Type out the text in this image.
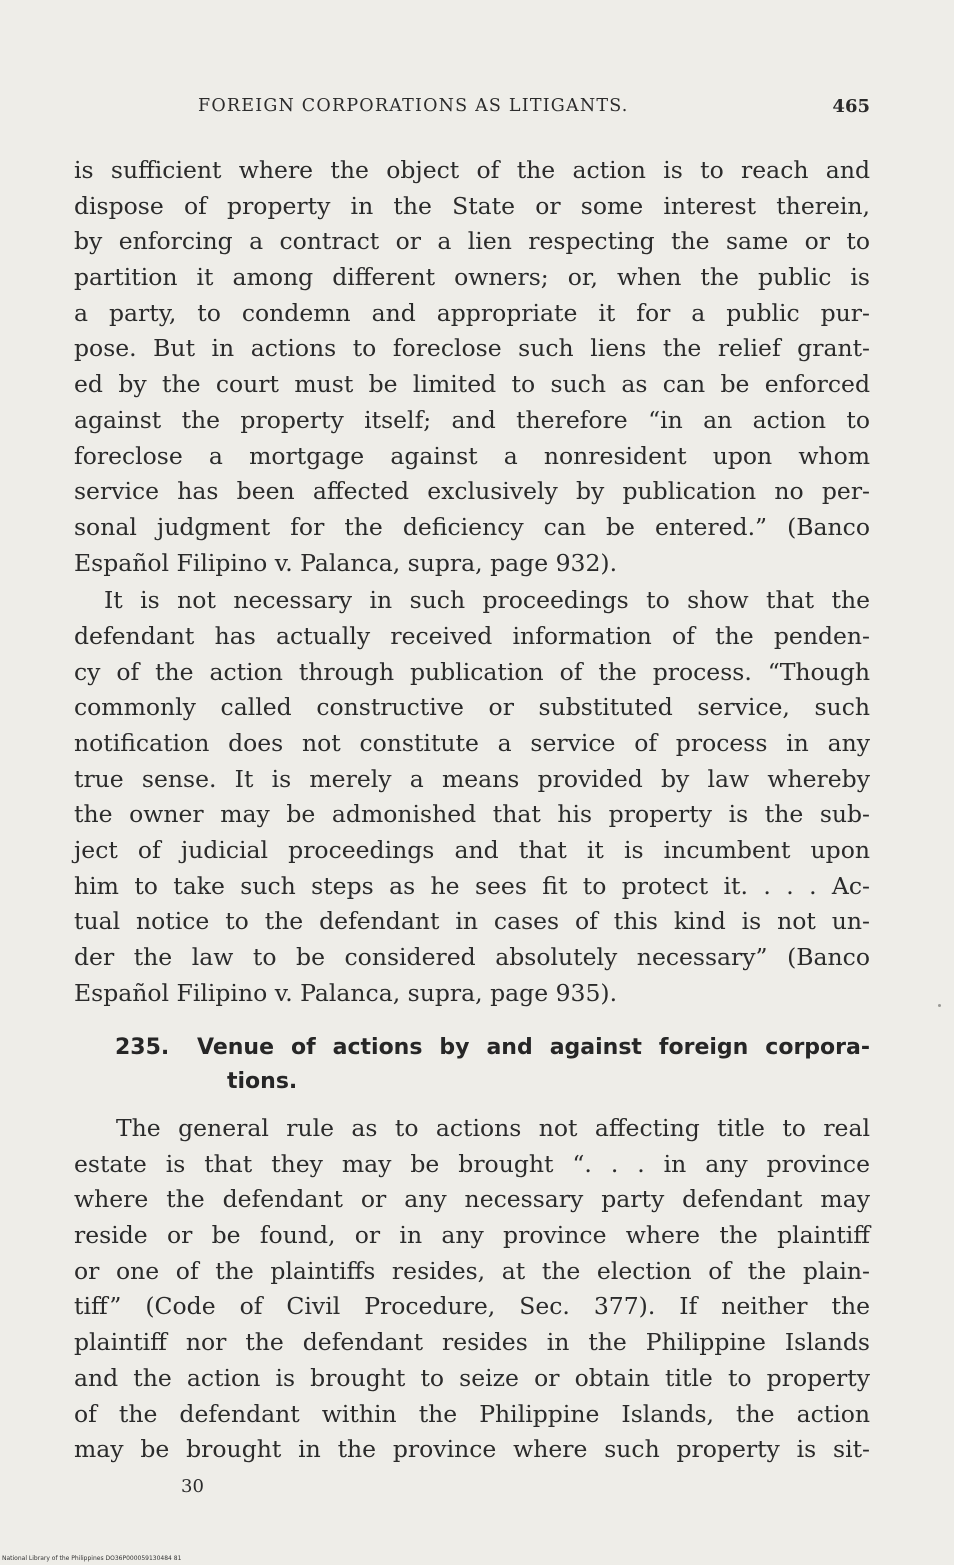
FOREIGN CORPORATIONS AS LITIGANTS.	465
is sufficient where the object of the action is to reach and
dispose of property in the State or some interest therein,
by enforcing a contract or a lien respecting the same or to
partition it among different owners; or, when the public is
a party, to condemn and appropriate it for a public pur-
pose. But in actions to foreclose such liens the relief grant-
ed by the court must be limited to such as can be enforced
against the property itself; and therefore “in an action to
foreclose a mortgage against a nonresident upon whom
service has been affected exclusively by publication no per-
sonal judgment for the deficiency can be entered.” (Banco
Español Filipino v. Palanca, supra, page 932).
It is not necessary in such proceedings to show that the
defendant has actually received information of the penden-
cy of the action through publication of the process. “Though
commonly called constructive or substituted service, such
notification does not constitute a service of process in any
true sense. It is merely a means provided by law whereby
the owner may be admonished that his property is the sub-
ject of judicial proceedings and that it is incumbent upon
him to take such steps as he sees fit to protect it. . . . Ac-
tual notice to the defendant in cases of this kind is not un-
der the law to be considered absolutely necessary” (Banco
Español Filipino v. Palanca, supra, page 935).
235. Venue of actions by and against foreign corpora-
tions.
The general rule as to actions not affecting title to real
estate is that they may be brought “. . . in any province
where the defendant or any necessary party defendant may
reside or be found, or in any province where the plaintiff
or one of the plaintiffs resides, at the election of the plain-
tiff” (Code of Civil Procedure, Sec. 377). If neither the
plaintiff nor the defendant resides in the Philippine Islands
and the action is brought to seize or obtain title to property
of the defendant within the Philippine Islands, the action
may be brought in the province where such property is sit-
30
National Library of the Philippines DO36P000059130484 81
